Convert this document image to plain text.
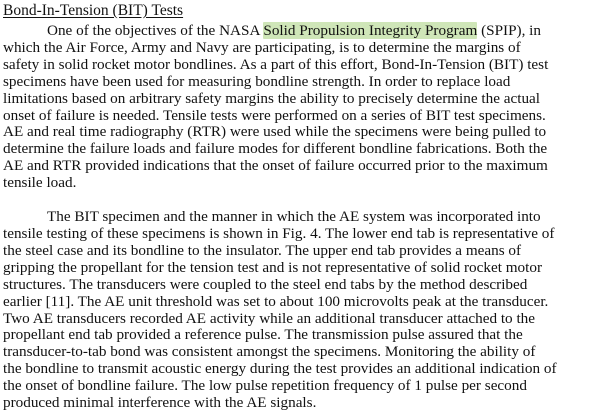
Bond-In-Tension (BIT) Tests
One of the objectives of the NASA Solid Propulsion Integrity Program (SPIP), in
which the Air Force, Army and Navy are participating, is to determine the margins of
safety in solid rocket motor bondlines. As a part of this effort, Bond-In-Tension (BIT) test
specimens have been used for measuring bondline strength. In order to replace load
limitations based on arbitrary safety margins the ability to precisely determine the actual
onset of failure is needed. Tensile tests were performed on a series of BIT test specimens.
AE and real time radiography (RTR) were used while the specimens were being pulled to
determine the failure loads and failure modes for different bondline fabrications. Both the
AE and RTR provided indications that the onset of failure occurred prior to the maximum
tensile load.
The BIT specimen and the manner in which the AE system was incorporated into
tensile testing of these specimens is shown in Fig. 4. The lower end tab is representative of
the steel case and its bondline to the insulator. The upper end tab provides a means of
gripping the propellant for the tension test and is not representative of solid rocket motor
structures. The transducers were coupled to the steel end tabs by the method described
earlier [11]. The AE unit threshold was set to about 100 microvolts peak at the transducer.
Two AE transducers recorded AE activity while an additional transducer attached to the
propellant end tab provided a reference pulse. The transmission pulse assured that the
transducer-to-tab bond was consistent amongst the specimens. Monitoring the ability of
the bondline to transmit acoustic energy during the test provides an additional indication of
the onset of bondline failure. The low pulse repetition frequency of 1 pulse per second
produced minimal interference with the AE signals.
